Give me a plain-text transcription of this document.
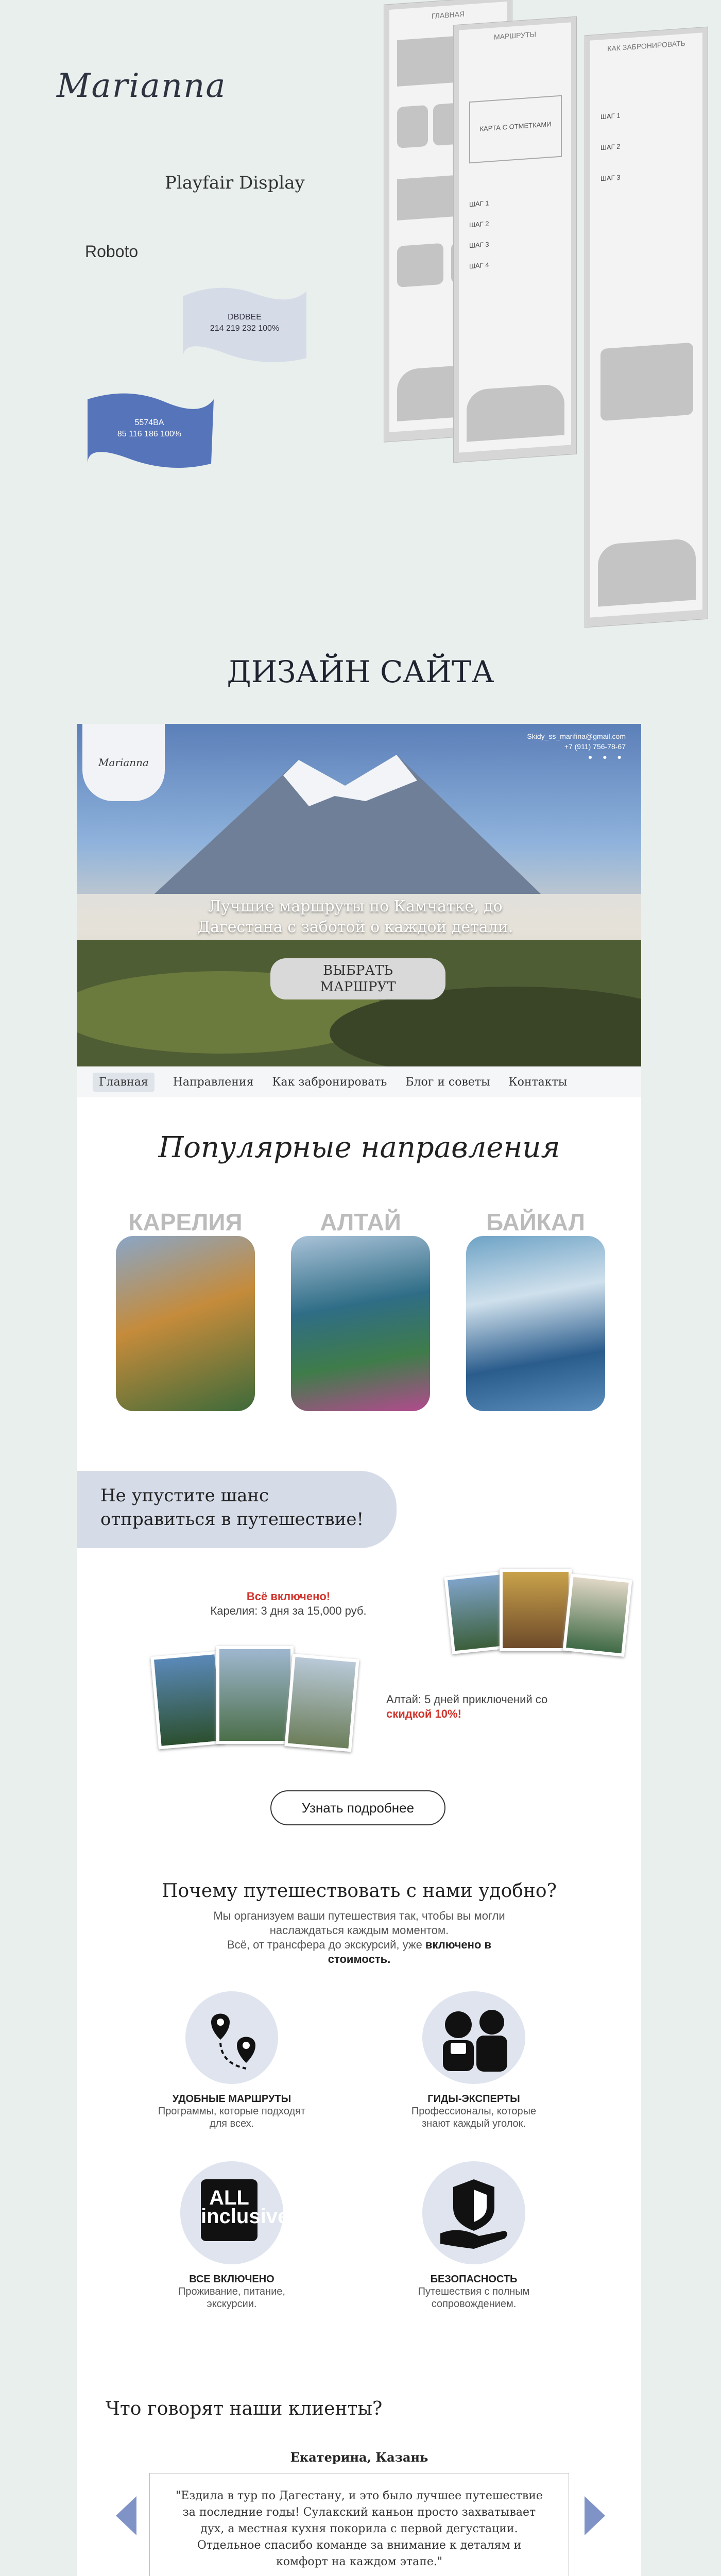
Marianna
Playfair Display
Roboto
DBDBEE
214 219 232 100%
5574BA
85 116 186 100%
ГЛАВНАЯ
МАРШРУТЫ
КАРТА С ОТМЕТКАМИ
ШАГ 1
ШАГ 2
ШАГ 3
ШАГ 4
КАК ЗАБРОНИРОВАТЬ
ШАГ 1
ШАГ 2
ШАГ 3
ДИЗАЙН САЙТА
Marianna
Skidy_ss_marifina@gmail.com
+7 (911) 756-78-67
● ● ●
Лучшие маршруты по Камчатке, до Дагестана с заботой о каждой детали.
ВЫБРАТЬ МАРШРУТ
Главная	Направления Как забронировать Блог и советы Контакты
Популярные направления
КАРЕЛИЯ	АЛТАЙ	БАЙКАЛ
Не упустите шанс отправиться в путешествие!
Всё включено!
Карелия: 3 дня за 15,000 руб.
Алтай: 5 дней приключений со
скидкой 10%!
Узнать подробнее
Почему путешествовать с нами удобно?
Мы организуем ваши путешествия так, чтобы вы могли наслаждаться каждым моментом.
Всё, от трансфера до экскурсий, уже включено в стоимость.
УДОБНЫЕ МАРШРУТЫ
Программы, которые подходят для всех.
ГИДЫ-ЭКСПЕРТЫ
Профессионалы, которые знают каждый уголок.
ALL inclusive
ВСЕ ВКЛЮЧЕНО
Проживание, питание, экскурсии.
БЕЗОПАСНОСТЬ
Путешествия с полным сопровождением.
Что говорят наши клиенты?
Екатерина, Казань
"Ездила в тур по Дагестану, и это было лучшее путешествие за последние годы! Сулакский каньон просто захватывает дух, а местная кухня покорила с первой дегустации. Отдельное спасибо команде за внимание к деталям и комфорт на каждом этапе."
